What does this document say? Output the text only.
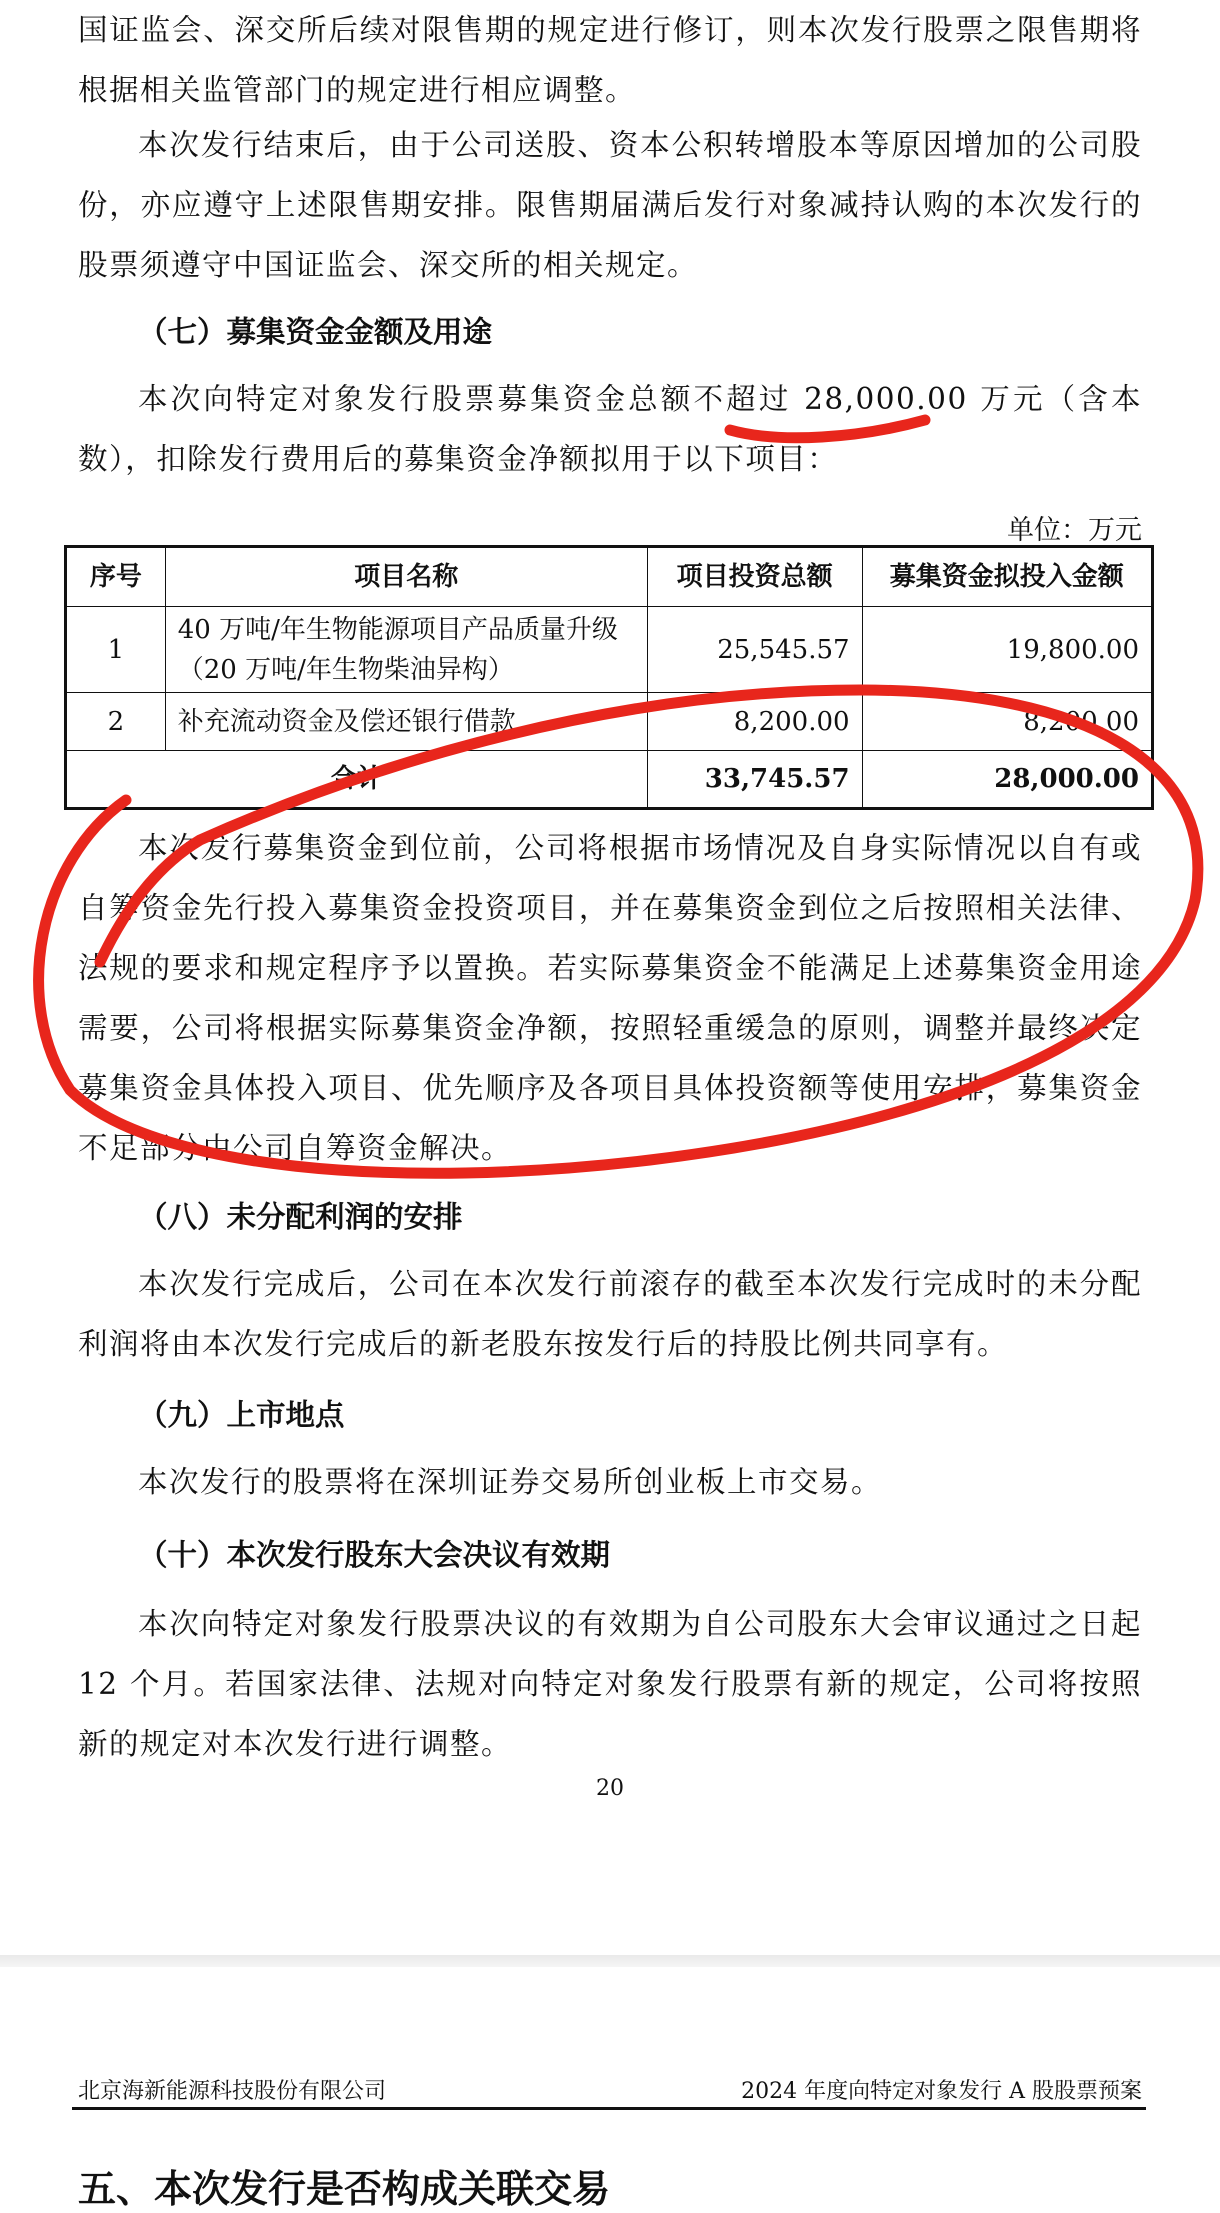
国证监会、深交所后续对限售期的规定进行修订，则本次发行股票之限售期将根据相关监管部门的规定进行相应调整。

本次发行结束后，由于公司送股、资本公积转增股本等原因增加的公司股份，亦应遵守上述限售期安排。限售期届满后发行对象减持认购的本次发行的股票须遵守中国证监会、深交所的相关规定。

（七）募集资金金额及用途

本次向特定对象发行股票募集资金总额不超过 28,000.00 万元（含本数），扣除发行费用后的募集资金净额拟用于以下项目：

单位：万元
序号	项目名称	项目投资总额	募集资金拟投入金额
1	40 万吨/年生物能源项目产品质量升级
（20 万吨/年生物柴油异构）	25,545.57	19,800.00
2	补充流动资金及偿还银行借款	8,200.00	8,200.00
合计		33,745.57	28,000.00

本次发行募集资金到位前，公司将根据市场情况及自身实际情况以自有或自筹资金先行投入募集资金投资项目，并在募集资金到位之后按照相关法律、法规的要求和规定程序予以置换。若实际募集资金不能满足上述募集资金用途需要，公司将根据实际募集资金净额，按照轻重缓急的原则，调整并最终决定募集资金具体投入项目、优先顺序及各项目具体投资额等使用安排，募集资金不足部分由公司自筹资金解决。

（八）未分配利润的安排

本次发行完成后，公司在本次发行前滚存的截至本次发行完成时的未分配利润将由本次发行完成后的新老股东按发行后的持股比例共同享有。

（九）上市地点

本次发行的股票将在深圳证券交易所创业板上市交易。

（十）本次发行股东大会决议有效期

本次向特定对象发行股票决议的有效期为自公司股东大会审议通过之日起 12 个月。若国家法律、法规对向特定对象发行股票有新的规定，公司将按照新的规定对本次发行进行调整。

20
北京海新能源科技股份有限公司	2024 年度向特定对象发行 A 股股票预案
五、本次发行是否构成关联交易
